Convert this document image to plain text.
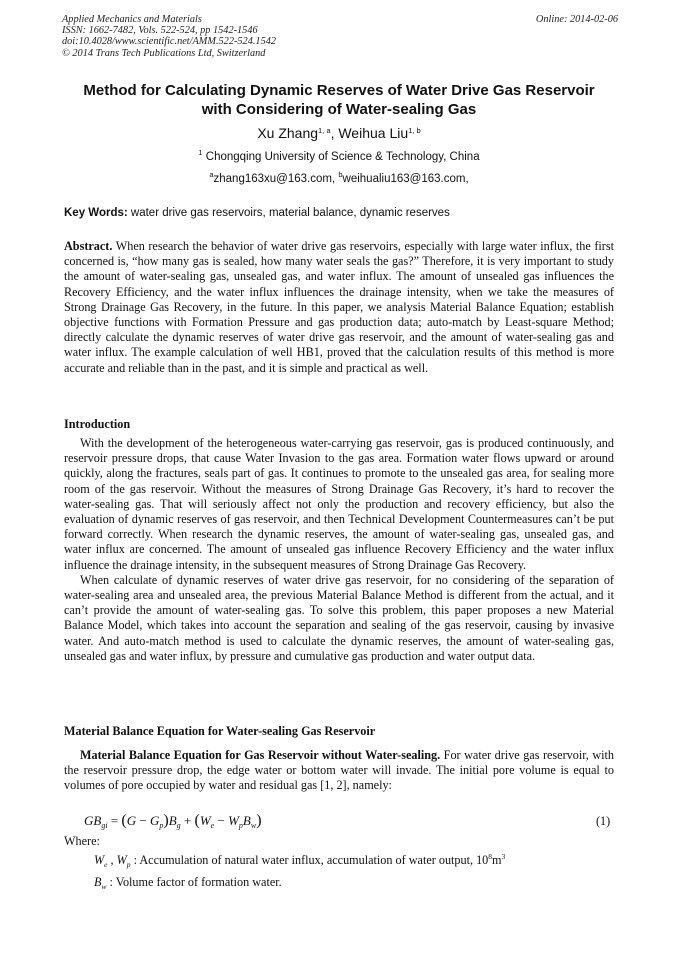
Applied Mechanics and Materials
ISSN: 1662-7482, Vols. 522-524, pp 1542-1546
doi:10.4028/www.scientific.net/AMM.522-524.1542
© 2014 Trans Tech Publications Ltd, Switzerland
Online: 2014-02-06
Method for Calculating Dynamic Reserves of Water Drive Gas Reservoir
with Considering of Water-sealing Gas
Xu Zhang$^{1, a}$, Weihua Liu$^{1, b}$
$^1$ Chongqing University of Science & Technology, China
$^a$zhang163xu@163.com, $^b$weihualiu163@163.com,
Key Words: water drive gas reservoirs, material balance, dynamic reserves
Abstract. When research the behavior of water drive gas reservoirs, especially with large water influx, the first concerned is, “how many gas is sealed, how many water seals the gas?” Therefore, it is very important to study the amount of water-sealing gas, unsealed gas, and water influx. The amount of unsealed gas influences the Recovery Efficiency, and the water influx influences the drainage intensity, when we take the measures of Strong Drainage Gas Recovery, in the future. In this paper, we analysis Material Balance Equation; establish objective functions with Formation Pressure and gas production data; auto-match by Least-square Method; directly calculate the dynamic reserves of water drive gas reservoir, and the amount of water-sealing gas and water influx. The example calculation of well HB1, proved that the calculation results of this method is more accurate and reliable than in the past, and it is simple and practical as well.
Introduction

With the development of the heterogeneous water-carrying gas reservoir, gas is produced continuously, and reservoir pressure drops, that cause Water Invasion to the gas area. Formation water flows upward or around quickly, along the fractures, seals part of gas. It continues to promote to the unsealed gas area, for sealing more room of the gas reservoir. Without the measures of Strong Drainage Gas Recovery, it’s hard to recover the water-sealing gas. That will seriously affect not only the production and recovery efficiency, but also the evaluation of dynamic reserves of gas reservoir, and then Technical Development Countermeasures can’t be put forward correctly. When research the dynamic reserves, the amount of water-sealing gas, unsealed gas, and water influx are concerned. The amount of unsealed gas influence Recovery Efficiency and the water influx influence the drainage intensity, in the subsequent measures of Strong Drainage Gas Recovery.

When calculate of dynamic reserves of water drive gas reservoir, for no considering of the separation of water-sealing area and unsealed area, the previous Material Balance Method is different from the actual, and it can’t provide the amount of water-sealing gas. To solve this problem, this paper proposes a new Material Balance Model, which takes into account the separation and sealing of the gas reservoir, causing by invasive water. And auto-match method is used to calculate the dynamic reserves, the amount of water-sealing gas, unsealed gas and water influx, by pressure and cumulative gas production and water output data.

Material Balance Equation for Water-sealing Gas Reservoir

Material Balance Equation for Gas Reservoir without Water-sealing. For water drive gas reservoir, with the reservoir pressure drop, the edge water or bottom water will invade. The initial pore volume is equal to volumes of pore occupied by water and residual gas [1, 2], namely:

$GB_{gi} = (G - G_p)B_g + (W_e - W_pB_w)$	(1)
Where:
$W_e$ , $W_p$ : Accumulation of natural water influx, accumulation of water output, $10^8m^3$
$B_w$ : Volume factor of formation water.
